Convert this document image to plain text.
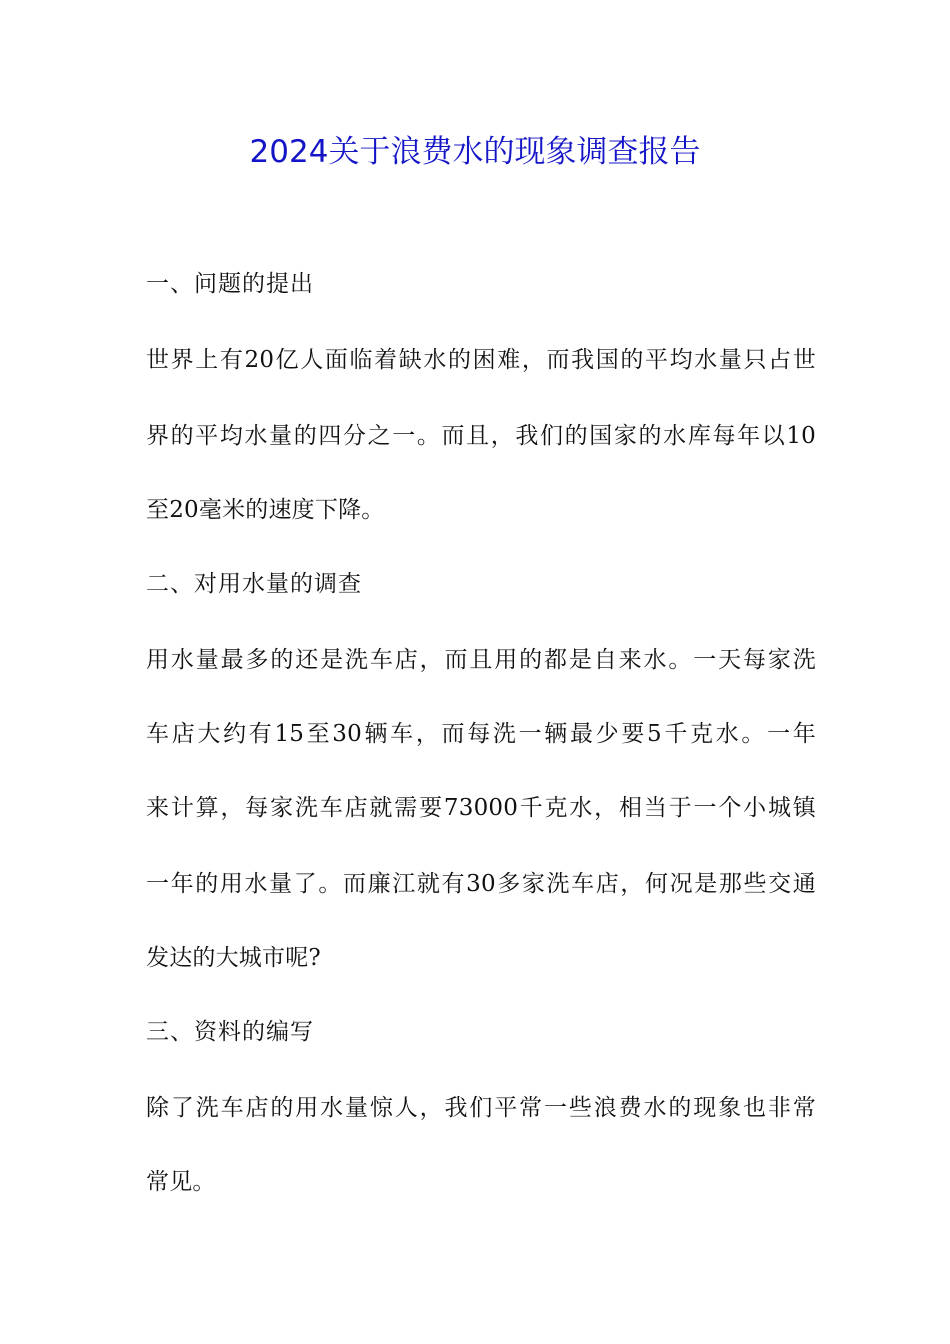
2024关于浪费水的现象调查报告
一、问题的提出
世界上有20亿人面临着缺水的困难，而我国的平均水量只占世
界的平均水量的四分之一。而且，我们的国家的水库每年以10
至20毫米的速度下降。
二、对用水量的调查
用水量最多的还是洗车店，而且用的都是自来水。一天每家洗
车店大约有15至30辆车，而每洗一辆最少要5千克水。一年
来计算，每家洗车店就需要73000千克水，相当于一个小城镇
一年的用水量了。而廉江就有30多家洗车店，何况是那些交通
发达的大城市呢?
三、资料的编写
除了洗车店的用水量惊人，我们平常一些浪费水的现象也非常
常见。
